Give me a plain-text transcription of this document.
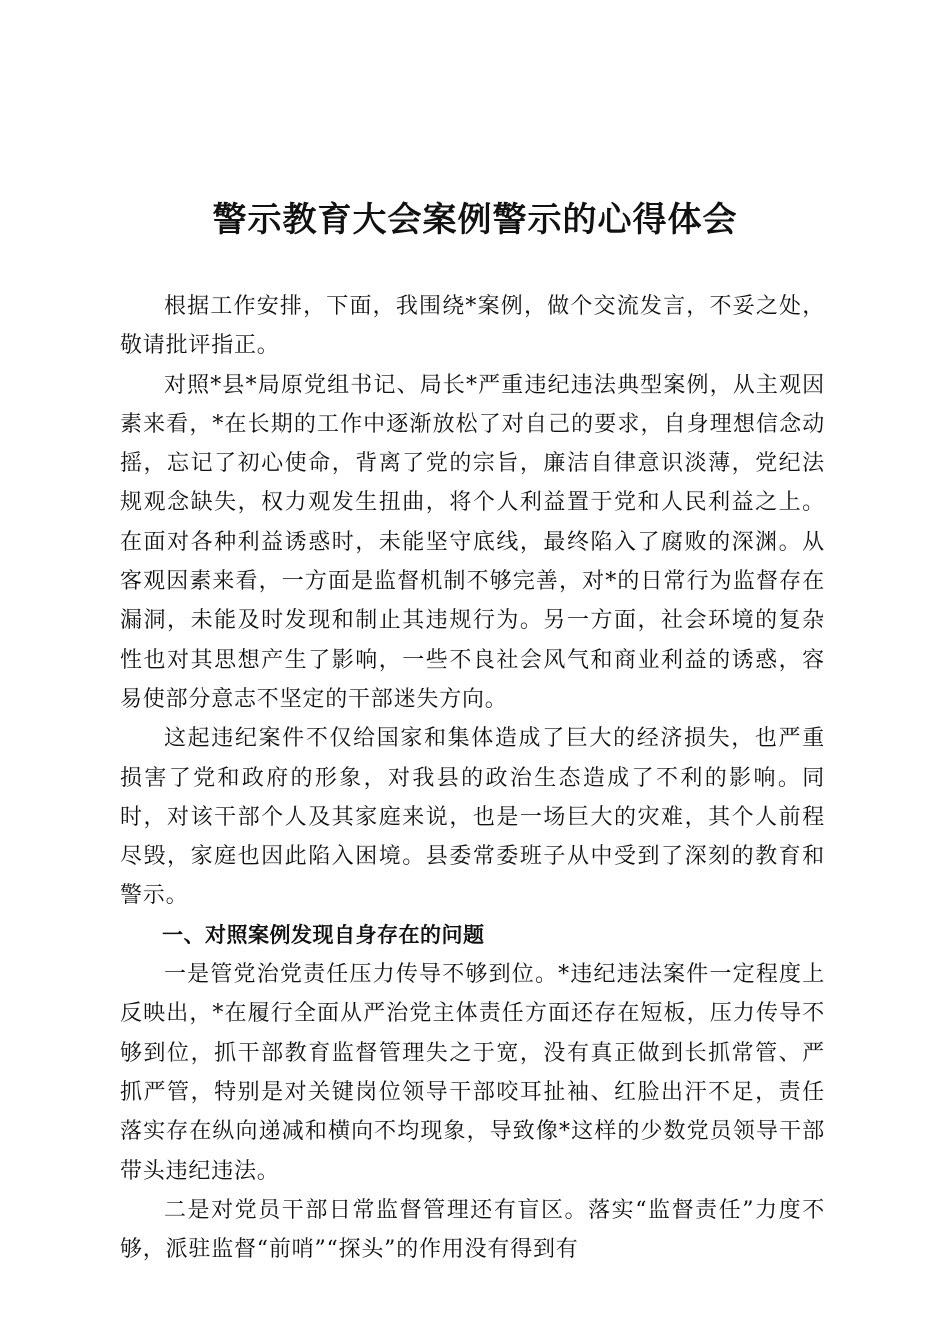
警示教育大会案例警示的心得体会

根据工作安排，下面，我围绕*案例，做个交流发言，不妥之处，敬请批评指正。

对照*县*局原党组书记、局长*严重违纪违法典型案例，从主观因素来看，*在长期的工作中逐渐放松了对自己的要求，自身理想信念动摇，忘记了初心使命，背离了党的宗旨，廉洁自律意识淡薄，党纪法规观念缺失，权力观发生扭曲，将个人利益置于党和人民利益之上。在面对各种利益诱惑时，未能坚守底线，最终陷入了腐败的深渊。从客观因素来看，一方面是监督机制不够完善，对*的日常行为监督存在漏洞，未能及时发现和制止其违规行为。另一方面，社会环境的复杂性也对其思想产生了影响，一些不良社会风气和商业利益的诱惑，容易使部分意志不坚定的干部迷失方向。

这起违纪案件不仅给国家和集体造成了巨大的经济损失，也严重损害了党和政府的形象，对我县的政治生态造成了不利的影响。同时，对该干部个人及其家庭来说，也是一场巨大的灾难，其个人前程尽毁，家庭也因此陷入困境。县委常委班子从中受到了深刻的教育和警示。

一、对照案例发现自身存在的问题

一是管党治党责任压力传导不够到位。*违纪违法案件一定程度上反映出，*在履行全面从严治党主体责任方面还存在短板，压力传导不够到位，抓干部教育监督管理失之于宽，没有真正做到长抓常管、严抓严管，特别是对关键岗位领导干部咬耳扯袖、红脸出汗不足，责任落实存在纵向递减和横向不均现象，导致像*这样的少数党员领导干部带头违纪违法。

二是对党员干部日常监督管理还有盲区。落实“监督责任”力度不够，派驻监督“前哨”“探头”的作用没有得到有
